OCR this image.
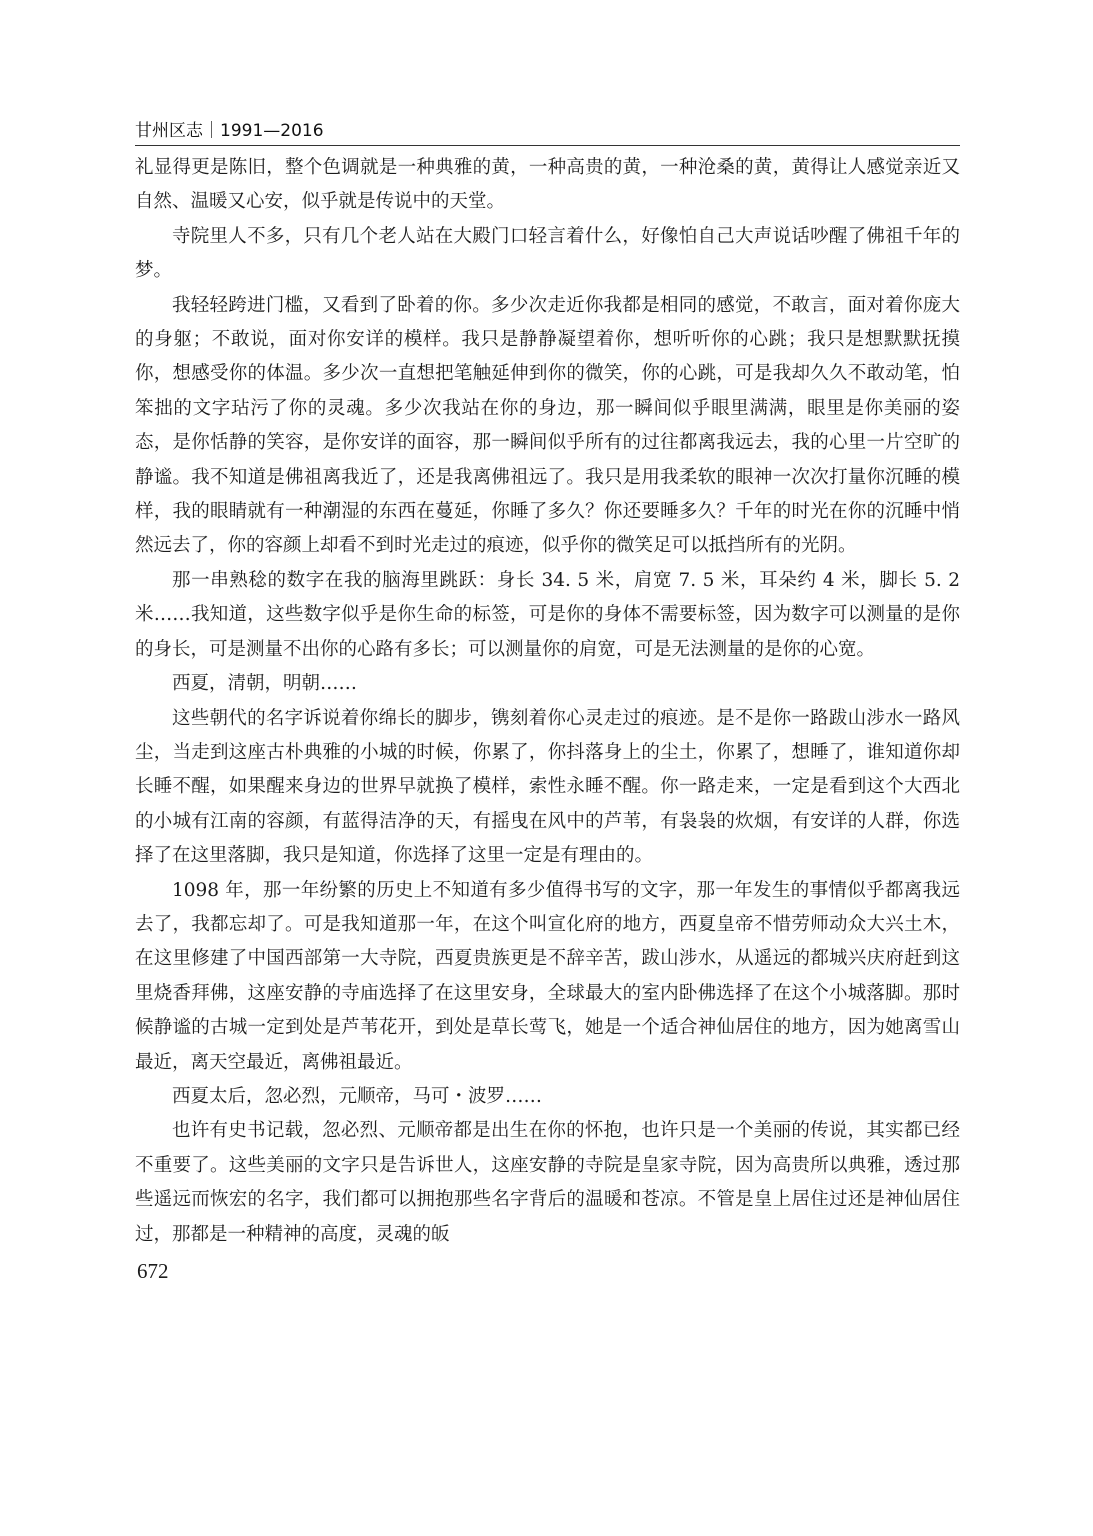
甘州区志｜1991—2016

礼显得更是陈旧，整个色调就是一种典雅的黄，一种高贵的黄，一种沧桑的黄，黄得让人感觉亲近又自然、温暖又心安，似乎就是传说中的天堂。

寺院里人不多，只有几个老人站在大殿门口轻言着什么，好像怕自己大声说话吵醒了佛祖千年的梦。

我轻轻跨进门槛，又看到了卧着的你。多少次走近你我都是相同的感觉，不敢言，面对着你庞大的身躯；不敢说，面对你安详的模样。我只是静静凝望着你，想听听你的心跳；我只是想默默抚摸你，想感受你的体温。多少次一直想把笔触延伸到你的微笑，你的心跳，可是我却久久不敢动笔，怕笨拙的文字玷污了你的灵魂。多少次我站在你的身边，那一瞬间似乎眼里满满，眼里是你美丽的姿态，是你恬静的笑容，是你安详的面容，那一瞬间似乎所有的过往都离我远去，我的心里一片空旷的静谧。我不知道是佛祖离我近了，还是我离佛祖远了。我只是用我柔软的眼神一次次打量你沉睡的模样，我的眼睛就有一种潮湿的东西在蔓延，你睡了多久？你还要睡多久？千年的时光在你的沉睡中悄然远去了，你的容颜上却看不到时光走过的痕迹，似乎你的微笑足可以抵挡所有的光阴。

那一串熟稔的数字在我的脑海里跳跃：身长 34. 5 米，肩宽 7. 5 米，耳朵约 4 米，脚长 5. 2 米……我知道，这些数字似乎是你生命的标签，可是你的身体不需要标签，因为数字可以测量的是你的身长，可是测量不出你的心路有多长；可以测量你的肩宽，可是无法测量的是你的心宽。

西夏，清朝，明朝……

这些朝代的名字诉说着你绵长的脚步，镌刻着你心灵走过的痕迹。是不是你一路跋山涉水一路风尘，当走到这座古朴典雅的小城的时候，你累了，你抖落身上的尘土，你累了，想睡了，谁知道你却长睡不醒，如果醒来身边的世界早就换了模样，索性永睡不醒。你一路走来，一定是看到这个大西北的小城有江南的容颜，有蓝得洁净的天，有摇曳在风中的芦苇，有袅袅的炊烟，有安详的人群，你选择了在这里落脚，我只是知道，你选择了这里一定是有理由的。

1098 年，那一年纷繁的历史上不知道有多少值得书写的文字，那一年发生的事情似乎都离我远去了，我都忘却了。可是我知道那一年，在这个叫宣化府的地方，西夏皇帝不惜劳师动众大兴土木，在这里修建了中国西部第一大寺院，西夏贵族更是不辞辛苦，跋山涉水，从遥远的都城兴庆府赶到这里烧香拜佛，这座安静的寺庙选择了在这里安身，全球最大的室内卧佛选择了在这个小城落脚。那时候静谧的古城一定到处是芦苇花开，到处是草长莺飞，她是一个适合神仙居住的地方，因为她离雪山最近，离天空最近，离佛祖最近。

西夏太后，忽必烈，元顺帝，马可・波罗……

也许有史书记载，忽必烈、元顺帝都是出生在你的怀抱，也许只是一个美丽的传说，其实都已经不重要了。这些美丽的文字只是告诉世人，这座安静的寺院是皇家寺院，因为高贵所以典雅，透过那些遥远而恢宏的名字，我们都可以拥抱那些名字背后的温暖和苍凉。不管是皇上居住过还是神仙居住过，那都是一种精神的高度，灵魂的皈

672
